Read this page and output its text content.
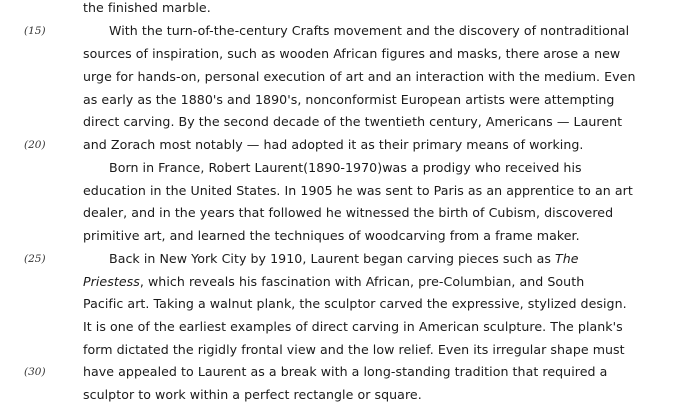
the finished marble.
(15)	With the turn-of-the-century Crafts movement and the discovery of nontraditional
sources of inspiration, such as wooden African figures and masks, there arose a new
urge for hands-on, personal execution of art and an interaction with the medium. Even
as early as the 1880's and 1890's, nonconformist European artists were attempting
direct carving. By the second decade of the twentieth century, Americans — Laurent
(20)	and Zorach most notably — had adopted it as their primary means of working.
Born in France, Robert Laurent(1890-1970)was a prodigy who received his
education in the United States. In 1905 he was sent to Paris as an apprentice to an art
dealer, and in the years that followed he witnessed the birth of Cubism, discovered
primitive art, and learned the techniques of woodcarving from a frame maker.
(25)	Back in New York City by 1910, Laurent began carving pieces such as The
Priestess, which reveals his fascination with African, pre-Columbian, and South
Pacific art. Taking a walnut plank, the sculptor carved the expressive, stylized design.
It is one of the earliest examples of direct carving in American sculpture. The plank's
form dictated the rigidly frontal view and the low relief. Even its irregular shape must
(30)	have appealed to Laurent as a break with a long-standing tradition that required a
sculptor to work within a perfect rectangle or square.
